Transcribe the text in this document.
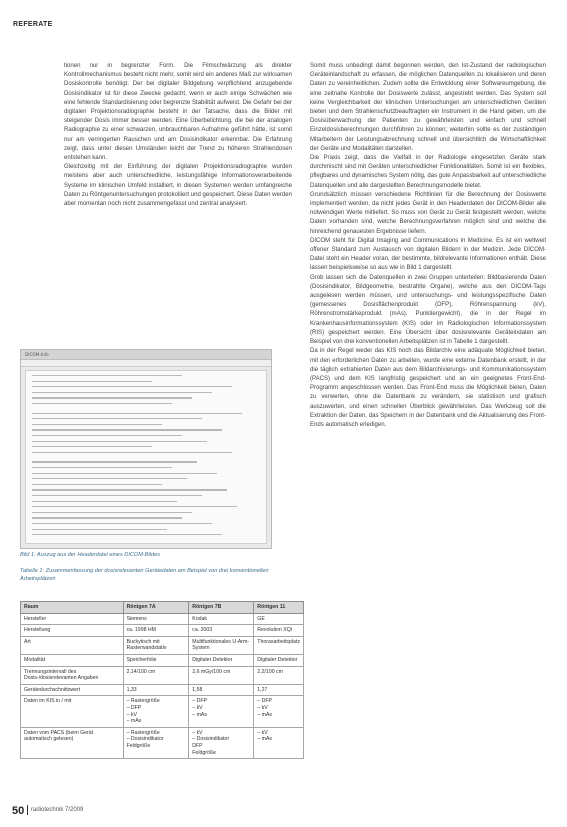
REFERATE

tionen nur in begrenzter Form. Die Filmschwärzung als direkter Kontrollmechanismus besteht nicht mehr, somit wird ein anderes Maß zur wirksamen Dosiskontrolle benötigt. Der bei digitaler Bildgebung verpflichtend anzugebende Dosisindikator ist für diese Zwecke gedacht, wenn er auch einige Schwächen wie eine fehlende Standardisierung oder begrenzte Stabilität aufweist. Die Gefahr bei der digitalen Projektionsradiographie besteht in der Tatsache, dass die Bilder mit steigender Dosis immer besser werden. Eine Überbelichtung, die bei der analogen Radiographie zu einer schwarzen, unbrauchbaren Aufnahme geführt hätte, ist somit nur am verringerten Rauschen und am Dosisindikator erkennbar. Die Erfahrung zeigt, dass unter diesen Umständen leicht der Trend zu höheren Strahlendosen entstehen kann.

Gleichzeitig mit der Einführung der digitalen Projektionsradiographie wurden meistens aber auch unterschiedliche, leistungsfähige Informationsverarbeitende Systeme im klinischen Umfeld installiert, in diesen Systemen werden umfangreiche Daten zu Röntgenuntersuchungen protokolliert und gespeichert. Diese Daten werden aber momentan noch nicht zusammengefasst und zentral analysiert.

Somit muss unbedingt damit begonnen werden, den Ist-Zustand der radiologischen Geräteinlandschaft zu erfassen, die möglichen Datenquellen zu lokalisieren und deren Daten zu vereinheitlichen. Zudem sollte die Entwicklung einer Softwareumgebung, die eine zeitnahe Kontrolle der Dosiswerte zulässt, angestrebt werden. Das System soll keine Vergleichbarkeit der klinischen Untersuchungen am unterschiedlichen Geräten bieten und dem Strahlenschutzbeauftragten ein Instrument in die Hand geben, um die Dosisüberwachung der Patienten zu gewährleisten und einfach und schnell Einzeldosisberechnungen durchführen zu können; weiterhin sollte es der zuständigen Mitarbeitern der Leistungsabrechnung schnell und übersichtlich die Wirtschaftlichkeit der Geräte und Modalitäten darstellen.

Die Praxis zeigt, dass die Vielfalt in der Radiologie eingesetzten Geräte stark durchmischt sind mit Geräten unterschiedlicher Funktionalitäten. Somit ist ein flexibles, pflegbares und dynamisches System nötig, das gute Anpassbarkeit auf unterschiedliche Datenquellen und alle dargestellten Berechnungsmodelle bietet.

Grundsätzlich müssen verschiedene Richtlinien für die Berechnung der Dosiswerte implementiert werden, da nicht jedes Gerät in den Headerdaten der DICOM-Bilder alle notwendigen Werte mitliefert. So muss von Gerät zu Gerät festgestellt werden, welche Daten vorhanden sind, welche Berechnungsverfahren möglich sind und welche die hinreichend genauesten Ergebnisse liefern.

DICOM steht für Digital Imaging and Communications in Medicine. Es ist ein weltweit offener Standard zum Austausch von digitalen Bildern in der Medizin. Jede DICOM-Datei steht ein Header voran, der bestimmte, bildrelevante Informationen enthält. Diese lassen beispielsweise so aus wie in Bild 1 dargestellt.

Grob lassen sich die Datenquellen in zwei Gruppen unterteilen: Bildbasierende Daten (Dosisindikator, Bildgeometrie, bestrahlte Organe), welche aus den DICOM-Tags ausgelesen werden müssen, und untersuchungs- und leistungsspezifische Daten (gemessenes Dosisflächenprodukt (DFP), Röhrenspannung (kV), Röhrenstromstärkeprodukt (mAs), Punktiergewicht), die in der Regel im Krankenhausinformationssystem (KIS) oder im Radiologischen Informationssystem (RIS) gespeichert werden. Eine Übersicht über dosisrelevante Geräteindaten am Beispiel von drei konventionellen Arbeitsplätzen ist in Tabelle 1 dargestellt.

Da in der Regel weder das KIS noch das Bildarchiv eine adäquate Möglichkeit bieten, mit den erforderlichen Daten zu arbeiten, wurde eine externe Datenbank erstellt, in der die täglich extrahierten Daten aus dem Bildarchivierungs- und Kommunikationssystem (PACS) und dem KIS langfristig gespeichert und an ein geeignetes Front-End-Programm angeschlossen werden. Das Front-End muss die Möglichkeit bieten, Daten zu verwerten, ohne die Datenbank zu verändern, sie statistisch und grafisch auszuwerten, und einen schnellen Überblick gewährleisten. Das Werkzeug soll die Extraktion der Daten, das Speichern in der Datenbank und die Aktualisierung des Front-Ends automatisch erledigen.

DICOM-Info
Bild 1: Auszug aus der Headerdatei eines DICOM-Bildes
Tabelle 1: Zusammenfassung der dosisrelevanten Gerätedaten am Beispiel von drei konventionellen Arbeitsplätzen
Raum	Röntgen 7A	Röntgen 7B	Röntgen 11
Hersteller	Siemens	Kodak	GE
Herstellung	ca. 1998 HM	ca. 2003	Revolution XQi
Art	Buckytisch mit Rasterwandstativ	Multifunktionales U-Arm-System	Thoraxarbeitsplatz
Modalität	Speicherfolie	Digitaler Detektor	Digitaler Detektor
Trennungsintervall des Dosis-/dosisrelevanten Angaben	2,14/100 cm	2,6 mGy/100 cm	2,2/100 cm
Gerätedurchschnittswert	1,33	1,58	1,27
Daten im KIS in / mit	– Rastergröße
– DFP
– kV
– mAs	– DFP
– kV
– mAs	– DFP
– kV
– mAs
Daten vom PACS (beim Gerät automatisch gelesen)	– Rastergröße
– Dosisindikator
Feldgröße	– kV
– Dosisindikator
DFP
Feldgröße	– kV
– mAs
50 radiotechnik 7/2009
